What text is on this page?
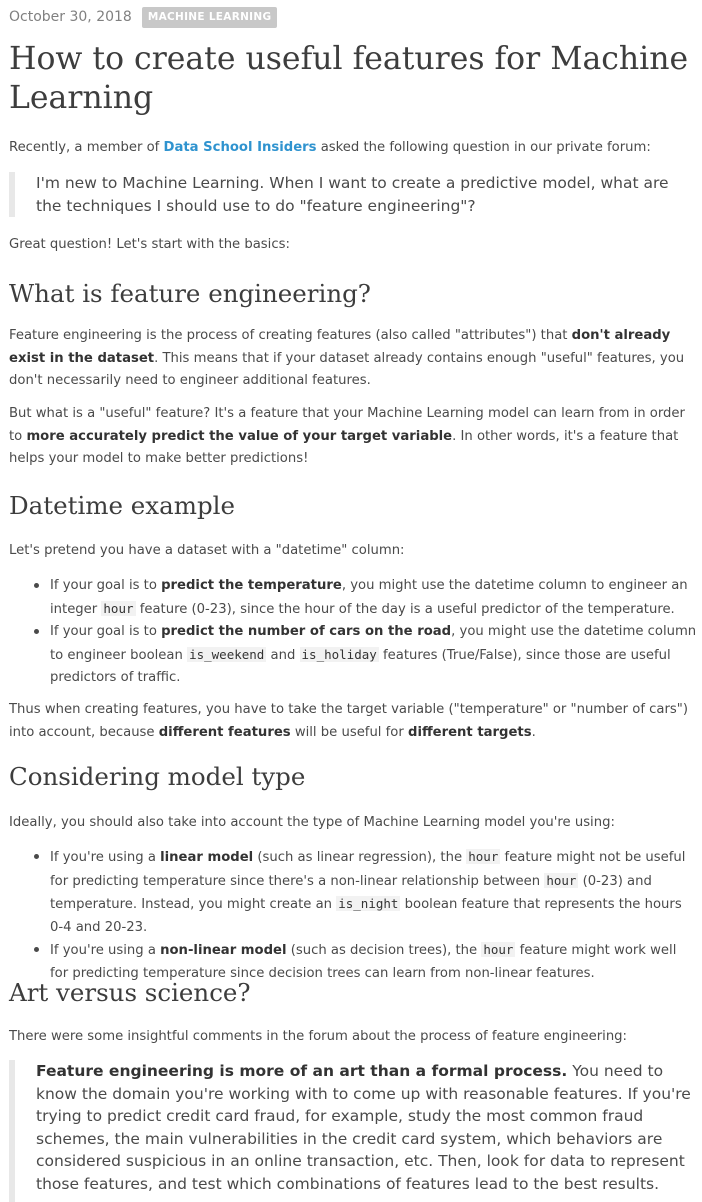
October 30, 2018	MACHINE LEARNING
How to create useful features for Machine Learning

Recently, a member of Data School Insiders asked the following question in our private forum:

I'm new to Machine Learning. When I want to create a predictive model, what are the techniques I should use to do "feature engineering"?

Great question! Let's start with the basics:

What is feature engineering?

Feature engineering is the process of creating features (also called "attributes") that don't already exist in the dataset. This means that if your dataset already contains enough "useful" features, you don't necessarily need to engineer additional features.

But what is a "useful" feature? It's a feature that your Machine Learning model can learn from in order to more accurately predict the value of your target variable. In other words, it's a feature that helps your model to make better predictions!

Datetime example

Let's pretend you have a dataset with a "datetime" column:

If your goal is to predict the temperature, you might use the datetime column to engineer an integer hour feature (0-23), since the hour of the day is a useful predictor of the temperature.
If your goal is to predict the number of cars on the road, you might use the datetime column to engineer boolean is_weekend and is_holiday features (True/False), since those are useful predictors of traffic.

Thus when creating features, you have to take the target variable ("temperature" or "number of cars") into account, because different features will be useful for different targets.

Considering model type

Ideally, you should also take into account the type of Machine Learning model you're using:

If you're using a linear model (such as linear regression), the hour feature might not be useful for predicting temperature since there's a non-linear relationship between hour (0-23) and temperature. Instead, you might create an is_night boolean feature that represents the hours 0-4 and 20-23.
If you're using a non-linear model (such as decision trees), the hour feature might work well for predicting temperature since decision trees can learn from non-linear features.
Art versus science?

There were some insightful comments in the forum about the process of feature engineering:

Feature engineering is more of an art than a formal process. You need to know the domain you're working with to come up with reasonable features. If you're trying to predict credit card fraud, for example, study the most common fraud schemes, the main vulnerabilities in the credit card system, which behaviors are considered suspicious in an online transaction, etc. Then, look for data to represent those features, and test which combinations of features lead to the best results.
